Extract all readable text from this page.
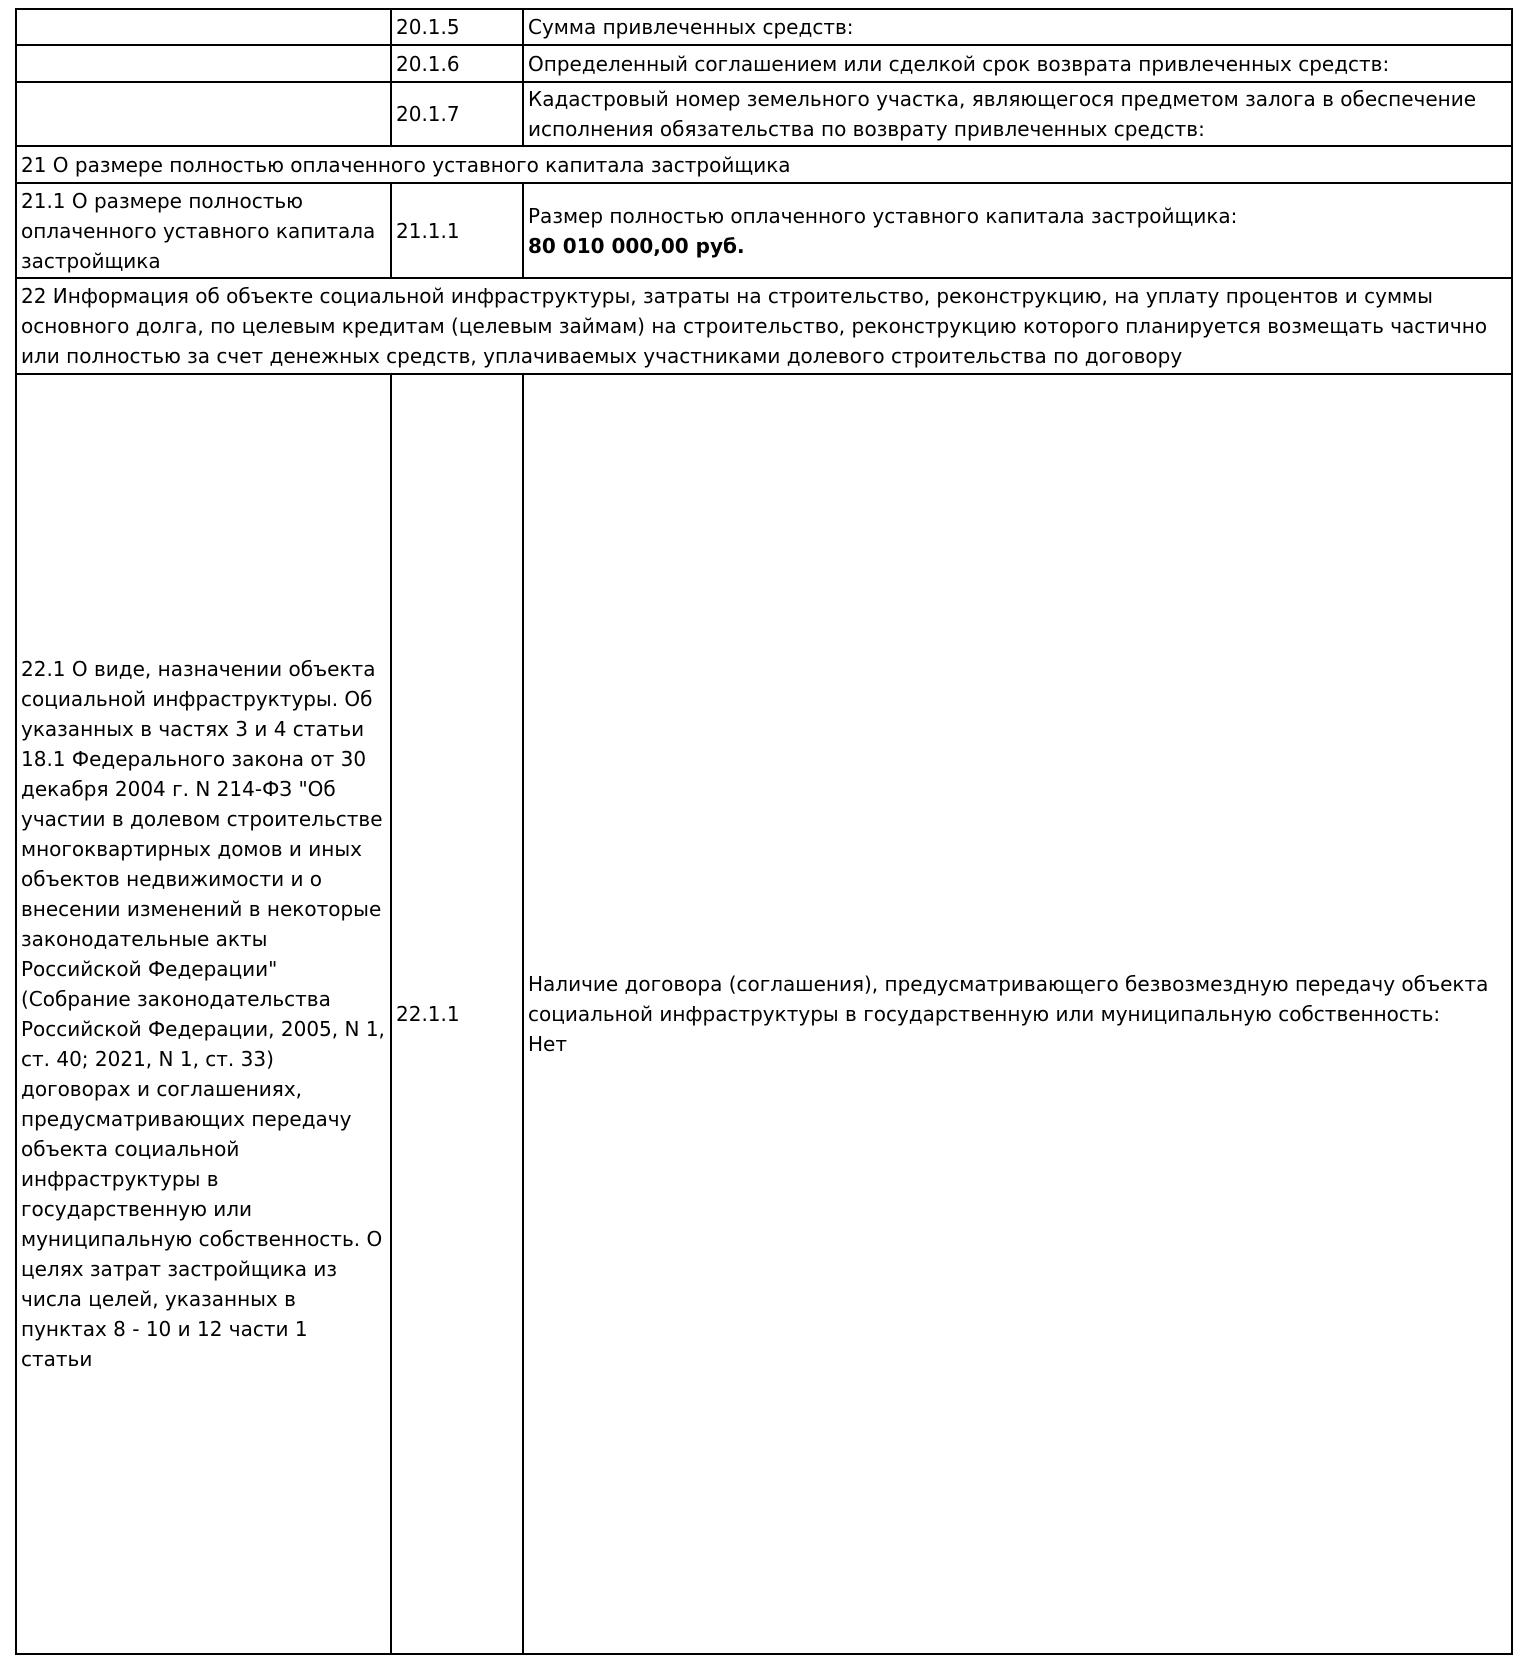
	20.1.5	Сумма привлеченных средств:
	20.1.6	Определенный соглашением или сделкой срок возврата привлеченных средств:
	20.1.7	Кадастровый номер земельного участка, являющегося предметом залога в обеспечение исполнения обязательства по возврату привлеченных средств:
21 О размере полностью оплаченного уставного капитала застройщика		
21.1 О размере полностью оплаченного уставного капитала застройщика	21.1.1	Размер полностью оплаченного уставного капитала застройщика:
80 010 000,00 руб.

22 Информация об объекте социальной инфраструктуры, затраты на строительство, реконструкцию, на уплату процентов и суммы основного долга, по целевым кредитам (целевым займам) на строительство, реконструкцию которого планируется возмещать частично или полностью за счет денежных средств, уплачиваемых участниками долевого строительства по договору		
22.1 О виде, назначении объекта социальной инфраструктуры. Об указанных в частях 3 и 4 статьи 18.1 Федерального закона от 30 декабря 2004 г. N 214-ФЗ "Об участии в долевом строительстве многоквартирных домов и иных объектов недвижимости и о внесении изменений в некоторые законодательные акты Российской Федерации" (Собрание законодательства Российской Федерации, 2005, N 1, ст. 40; 2021, N 1, ст. 33) договорах и соглашениях, предусматривающих передачу объекта социальной инфраструктуры в государственную или муниципальную собственность. О целях затрат застройщика из числа целей, указанных в пунктах 8 - 10 и 12 части 1 статьи	22.1.1	Наличие договора (соглашения), предусматривающего безвозмездную передачу объекта социальной инфраструктуры в государственную или муниципальную собственность:
Нет
